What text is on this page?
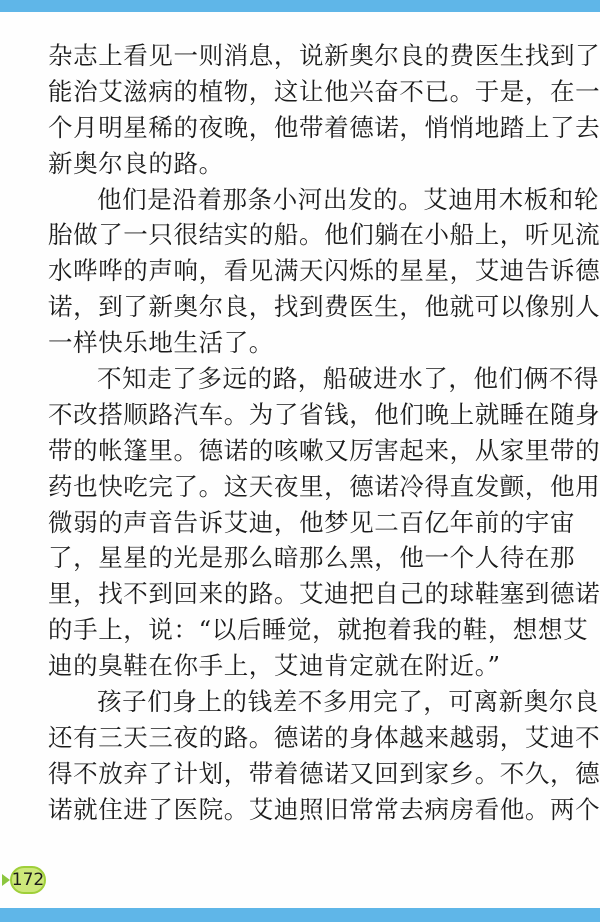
杂志上看见一则消息，说新奥尔良的费医生找到了
能治艾滋病的植物，这让他兴奋不已。于是，在一
个月明星稀的夜晚，他带着德诺，悄悄地踏上了去
新奥尔良的路。
他们是沿着那条小河出发的。艾迪用木板和轮
胎做了一只很结实的船。他们躺在小船上，听见流
水哗哗的声响，看见满天闪烁的星星，艾迪告诉德
诺，到了新奥尔良，找到费医生，他就可以像别人
一样快乐地生活了。
不知走了多远的路，船破进水了，他们俩不得
不改搭顺路汽车。为了省钱，他们晚上就睡在随身
带的帐篷里。德诺的咳嗽又厉害起来，从家里带的
药也快吃完了。这天夜里，德诺冷得直发颤，他用
微弱的声音告诉艾迪，他梦见二百亿年前的宇宙
了，星星的光是那么暗那么黑，他一个人待在那
里，找不到回来的路。艾迪把自己的球鞋塞到德诺
的手上，说：“以后睡觉，就抱着我的鞋，想想艾
迪的臭鞋在你手上，艾迪肯定就在附近。”
孩子们身上的钱差不多用完了，可离新奥尔良
还有三天三夜的路。德诺的身体越来越弱，艾迪不
得不放弃了计划，带着德诺又回到家乡。不久，德
诺就住进了医院。艾迪照旧常常去病房看他。两个
172
